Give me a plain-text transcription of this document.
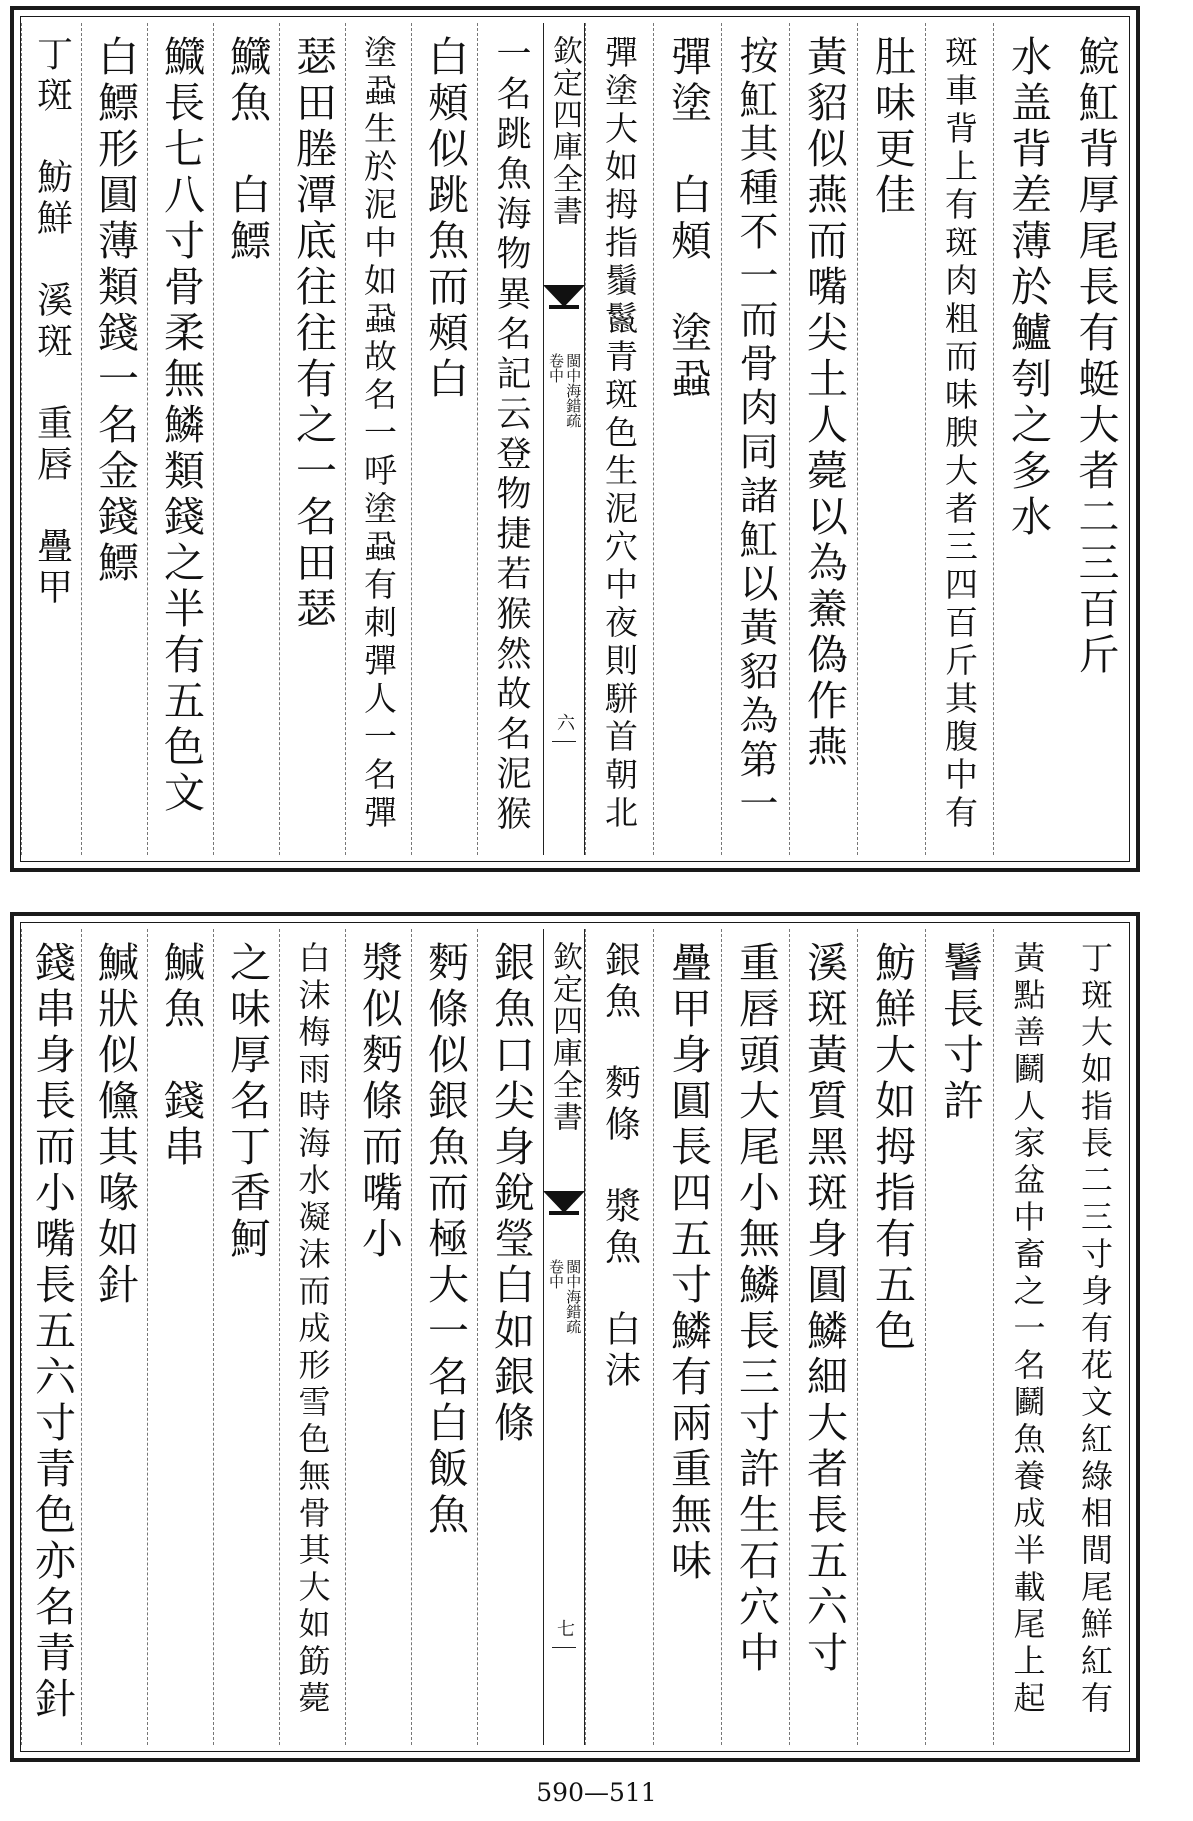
鯇魟背厚尾長有蜓大者二三百斤
水盖背差薄於鱸刳之多水
斑車背上有斑肉粗而味腴大者三四百斤其腹中有
肚味更佳
黃貂似燕而嘴尖土人薨以為鯗偽作燕
按魟其種不一而骨肉同諸魟以黃貂為第一
彈塗　白頰　塗蝨
彈塗大如拇指鬚鬣青斑色生泥穴中夜則駢首朝北
欽定四庫全書
閩中海錯疏
卷中
六
一名跳魚海物異名記云登物捷若猴然故名泥猴
白頰似跳魚而頰白
塗蝨生於泥中如蝨故名一呼塗蝨有刺彈人一名彈
瑟田塍潭底往往有之一名田瑟
鱵魚　白鰾
鱵長七八寸骨柔無鱗類錢之半有五色文
白鰾形圓薄類錢一名金錢鰾
丁斑　魴鮮　溪斑　重唇　疊甲
丁斑大如指長二三寸身有花文紅綠相間尾鮮紅有
黃點善鬬人家盆中畜之一名鬬魚養成半載尾上起
鬐長寸許
魴鮮大如拇指有五色
溪斑黃質黑斑身圓鱗細大者長五六寸
重唇頭大尾小無鱗長三寸許生石穴中
疊甲身圓長四五寸鱗有兩重無味
銀魚　麪條　漿魚　白沫
欽定四庫全書
閩中海錯疏
卷中
七
銀魚口尖身銳瑩白如銀條
麪條似銀魚而極大一名白飯魚
漿似麪條而嘴小
白沫梅雨時海水凝沫而成形雪色無骨其大如筯薨
之味厚名丁香魺
鰔魚　錢串
鰔狀似儵其喙如針
錢串身長而小嘴長五六寸青色亦名青針
590—511
